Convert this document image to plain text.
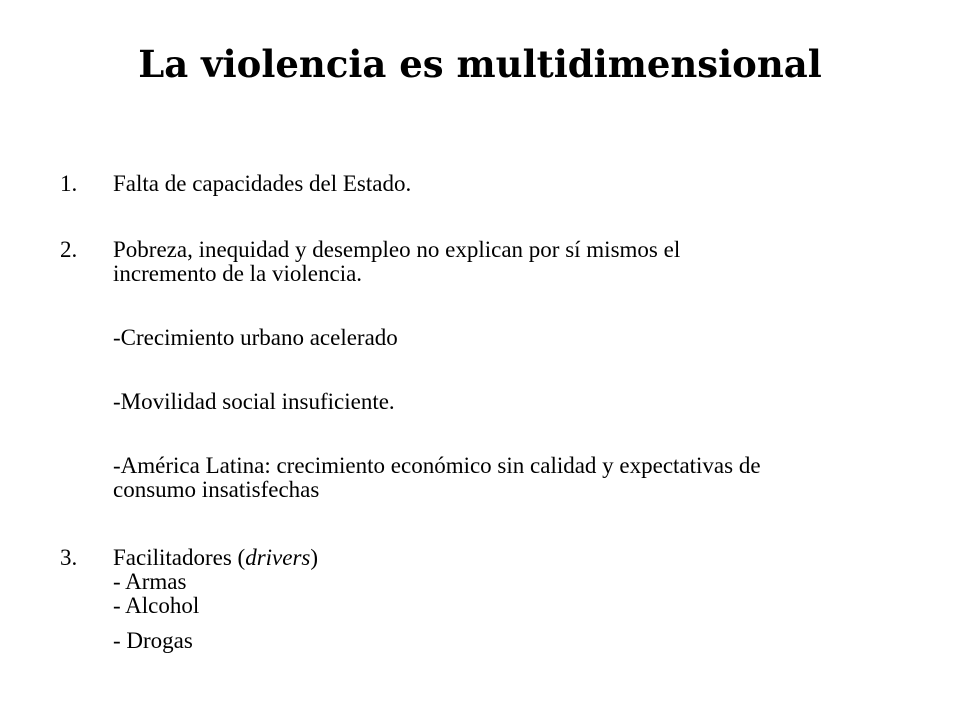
La violencia es multidimensional
1.	Falta de capacidades del Estado.
2.	Pobreza, inequidad y desempleo no explican por sí mismos el
incremento de la violencia.
-Crecimiento urbano acelerado
-Movilidad social insuficiente.
-América Latina: crecimiento económico sin calidad y expectativas de
consumo insatisfechas
3.	Facilitadores (drivers)
- Armas
- Alcohol
- Drogas
